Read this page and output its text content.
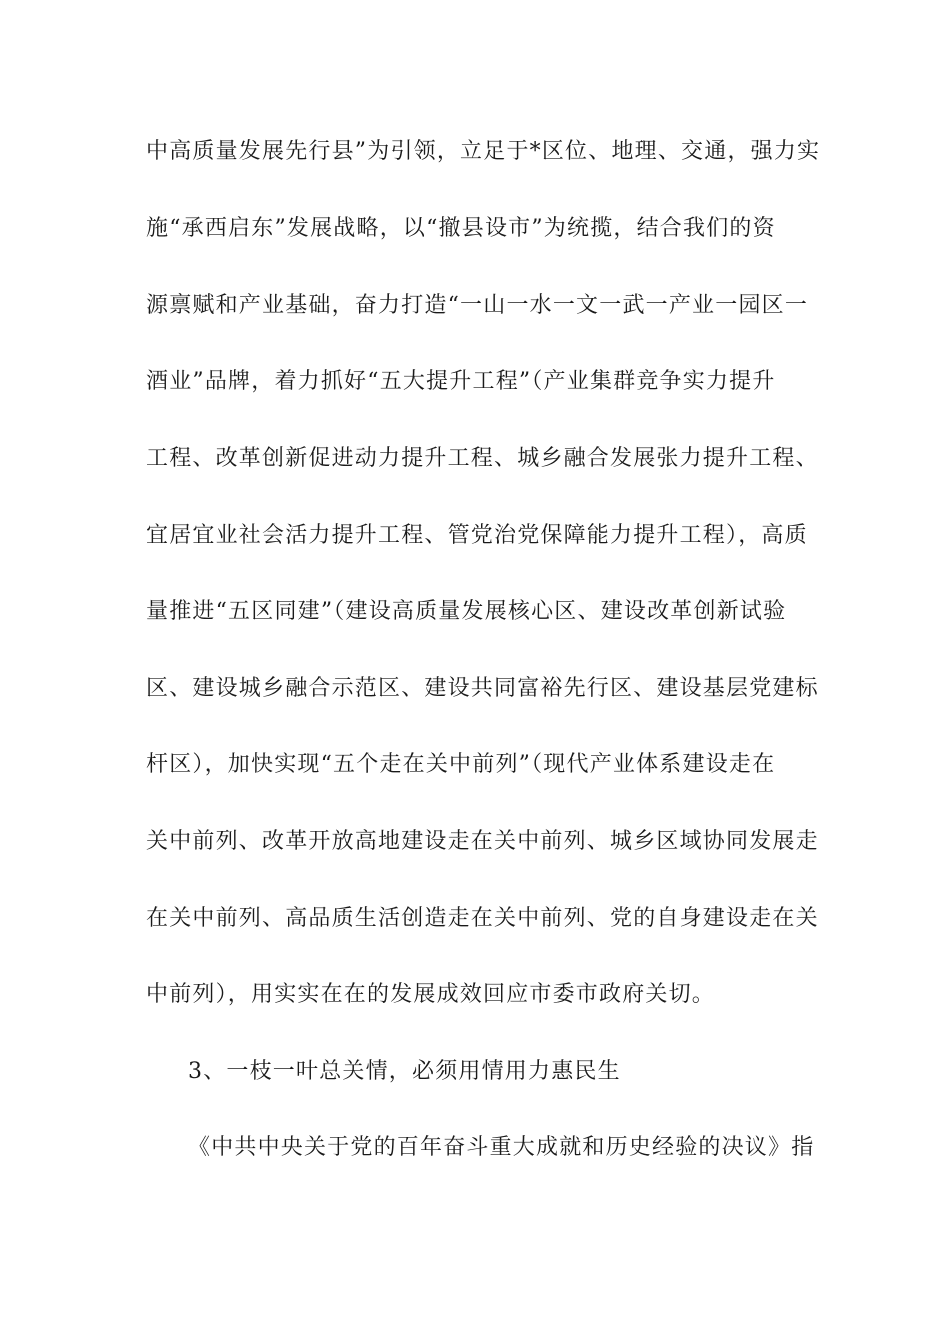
中高质量发展先行县”为引领，立足于*区位、地理、交通，强力实
施“承西启东”发展战略，以“撤县设市”为统揽，结合我们的资
源禀赋和产业基础，奋力打造“一山一水一文一武一产业一园区一
酒业”品牌，着力抓好“五大提升工程”（产业集群竞争实力提升
工程、改革创新促进动力提升工程、城乡融合发展张力提升工程、
宜居宜业社会活力提升工程、管党治党保障能力提升工程），高质
量推进“五区同建”（建设高质量发展核心区、建设改革创新试验
区、建设城乡融合示范区、建设共同富裕先行区、建设基层党建标
杆区），加快实现“五个走在关中前列”（现代产业体系建设走在
关中前列、改革开放高地建设走在关中前列、城乡区域协同发展走
在关中前列、高品质生活创造走在关中前列、党的自身建设走在关
中前列），用实实在在的发展成效回应市委市政府关切。
3、一枝一叶总关情，必须用情用力惠民生
《中共中央关于党的百年奋斗重大成就和历史经验的决议》指
